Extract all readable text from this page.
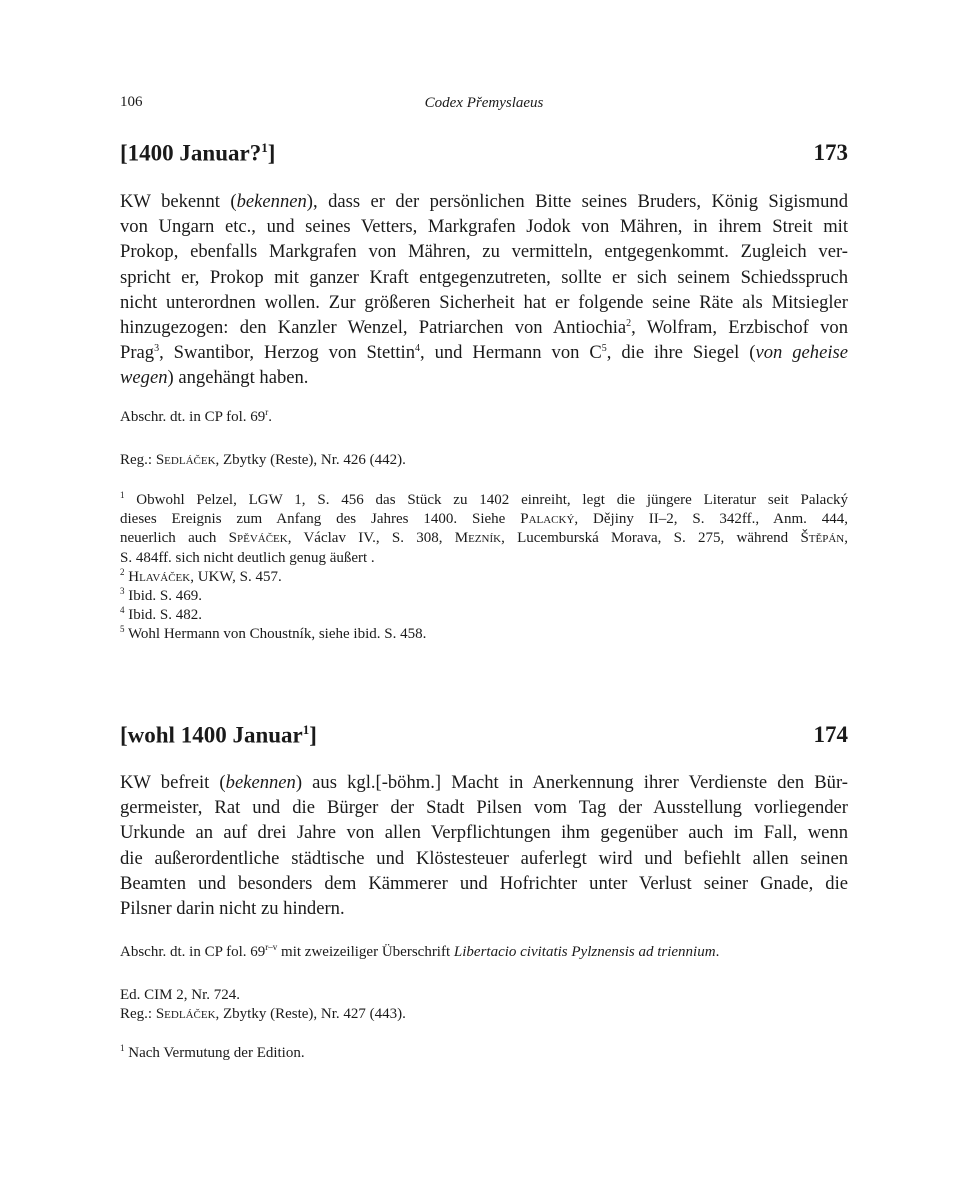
106	Codex Přemyslaeus
[1400 Januar?$^1$]	173
KW bekennt (bekennen), dass er der persönlichen Bitte seines Bruders, König Sigismund
von Ungarn etc., und seines Vetters, Markgrafen Jodok von Mähren, in ihrem Streit mit
Prokop, ebenfalls Markgrafen von Mähren, zu vermitteln, entgegenkommt. Zugleich ver-
spricht er, Prokop mit ganzer Kraft entgegenzutreten, sollte er sich seinem Schiedsspruch
nicht unterordnen wollen. Zur größeren Sicherheit hat er folgende seine Räte als Mitsiegler
hinzugezogen: den Kanzler Wenzel, Patriarchen von Antiochia$^2$, Wolfram, Erzbischof von
Prag$^3$, Swantibor, Herzog von Stettin$^4$, und Hermann von $C^5$, die ihre Siegel (von geheise
wegen) angehängt haben.
Abschr. dt. in CP fol. 69$^r$.
Reg.: Sedláček, Zbytky (Reste), Nr. 426 (442).
$^1$ Obwohl Pelzel, LGW 1, S. 456 das Stück zu 1402 einreiht, legt die jüngere Literatur seit Palacký
dieses Ereignis zum Anfang des Jahres 1400. Siehe Palacký, Dějiny II–2, S. 342ff., Anm. 444,
neuerlich auch Spěváček, Václav IV., S. 308, Mezník, Lucemburská Morava, S. 275, während Štěpán,
S. 484ff. sich nicht deutlich genug äußert .
$^2$ Hlaváček, UKW, S. 457.
$^3$ Ibid. S. 469.
$^4$ Ibid. S. 482.
$^5$ Wohl Hermann von Choustník, siehe ibid. S. 458.
[wohl 1400 Januar$^1$]	174
KW befreit (bekennen) aus kgl.[-böhm.] Macht in Anerkennung ihrer Verdienste den Bür-
germeister, Rat und die Bürger der Stadt Pilsen vom Tag der Ausstellung vorliegender
Urkunde an auf drei Jahre von allen Verpflichtungen ihm gegenüber auch im Fall, wenn
die außerordentliche städtische und Klöstesteuer auferlegt wird und befiehlt allen seinen
Beamten und besonders dem Kämmerer und Hofrichter unter Verlust seiner Gnade, die
Pilsner darin nicht zu hindern.
Abschr. dt. in CP fol. 69$^{r-v}$ mit zweizeiliger Überschrift Libertacio civitatis Pylznensis ad triennium.
Ed. CIM 2, Nr. 724.
Reg.: Sedláček, Zbytky (Reste), Nr. 427 (443).
$^1$ Nach Vermutung der Edition.
